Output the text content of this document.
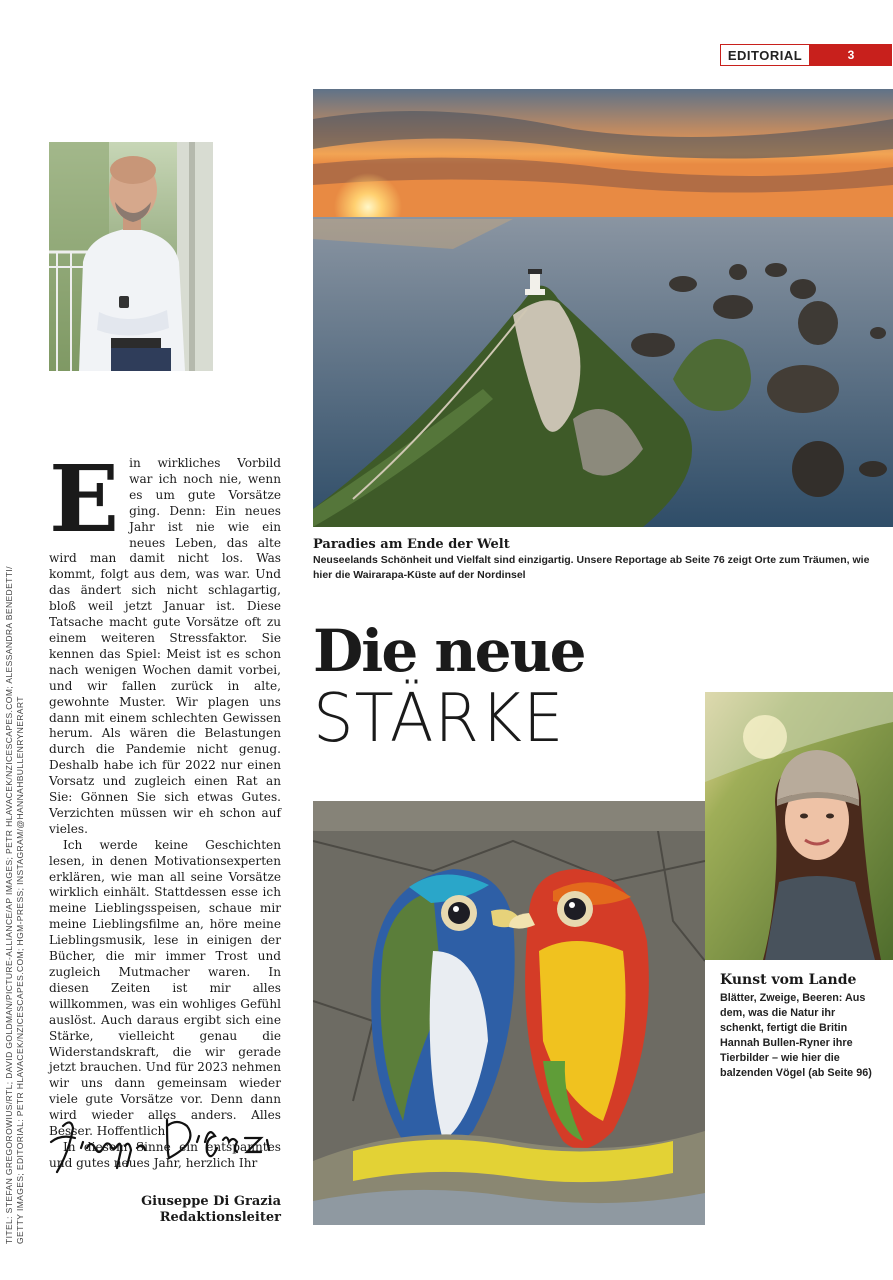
EDITORIAL	3
TITEL: STEFAN GREGOROWIUS/RTL; DAVID GOLDMAN/PICTURE-ALLIANCE/AP IMAGES; PETR HLAVACEK/NZICESCAPES.COM; ALESSANDRA BENEDETTI/ GETTY IMAGES; EDITORIAL: PETR HLAVACEK/NZICESCAPES.COM; HGM-PRESS; INSTAGRAM/@HANNAHBULLENRYNERART
E in wirkliches Vorbild war ich noch nie, wenn es um gute Vorsätze ging. Denn: Ein neues Jahr ist nie wie ein neues Leben, das alte wird man damit nicht los. Was kommt, folgt aus dem, was war. Und das ändert sich nicht schlagartig, bloß weil jetzt Januar ist. Diese Tatsache macht gute Vorsätze oft zu einem weiteren Stressfaktor. Sie kennen das Spiel: Meist ist es schon nach wenigen Wochen damit vorbei, und wir fallen zurück in alte, gewohnte Muster. Wir plagen uns dann mit einem schlechten Gewissen herum. Als wären die Belastungen durch die Pandemie nicht genug. Deshalb habe ich für 2022 nur einen Vorsatz und zugleich einen Rat an Sie: Gönnen Sie sich etwas Gutes. Verzichten müssen wir eh schon auf vieles.

Ich werde keine Geschichten lesen, in denen Motivationsexperten erklären, wie man all seine Vorsätze wirklich einhält. Stattdessen esse ich meine Lieblingsspeisen, schaue mir meine Lieblingsfilme an, höre meine Lieblingsmusik, lese in einigen der Bücher, die mir immer Trost und zugleich Mutmacher waren. In diesen Zeiten ist mir alles willkommen, was ein wohliges Gefühl auslöst. Auch daraus ergibt sich eine Stärke, vielleicht genau die Widerstandskraft, die wir gerade jetzt brauchen. Und für 2023 nehmen wir uns dann gemeinsam wieder viele gute Vorsätze vor. Denn dann wird wieder alles anders. Alles Besser. Hoffentlich.

In diesem Sinne ein entspanntes und gutes neues Jahr, herzlich Ihr

Giuseppe Di Grazia
Redaktionsleiter
Paradies am Ende der Welt
Neuseelands Schönheit und Vielfalt sind einzigartig. Unsere Reportage ab Seite 76 zeigt Orte zum Träumen, wie hier die Wairarapa-Küste auf der Nordinsel
Die neue
STÄRKE
Kunst vom Lande
Blätter, Zweige, Beeren: Aus dem, was die Natur ihr schenkt, fertigt die Britin Hannah Bullen-Ryner ihre Tierbilder – wie hier die balzenden Vögel (ab Seite 96)
